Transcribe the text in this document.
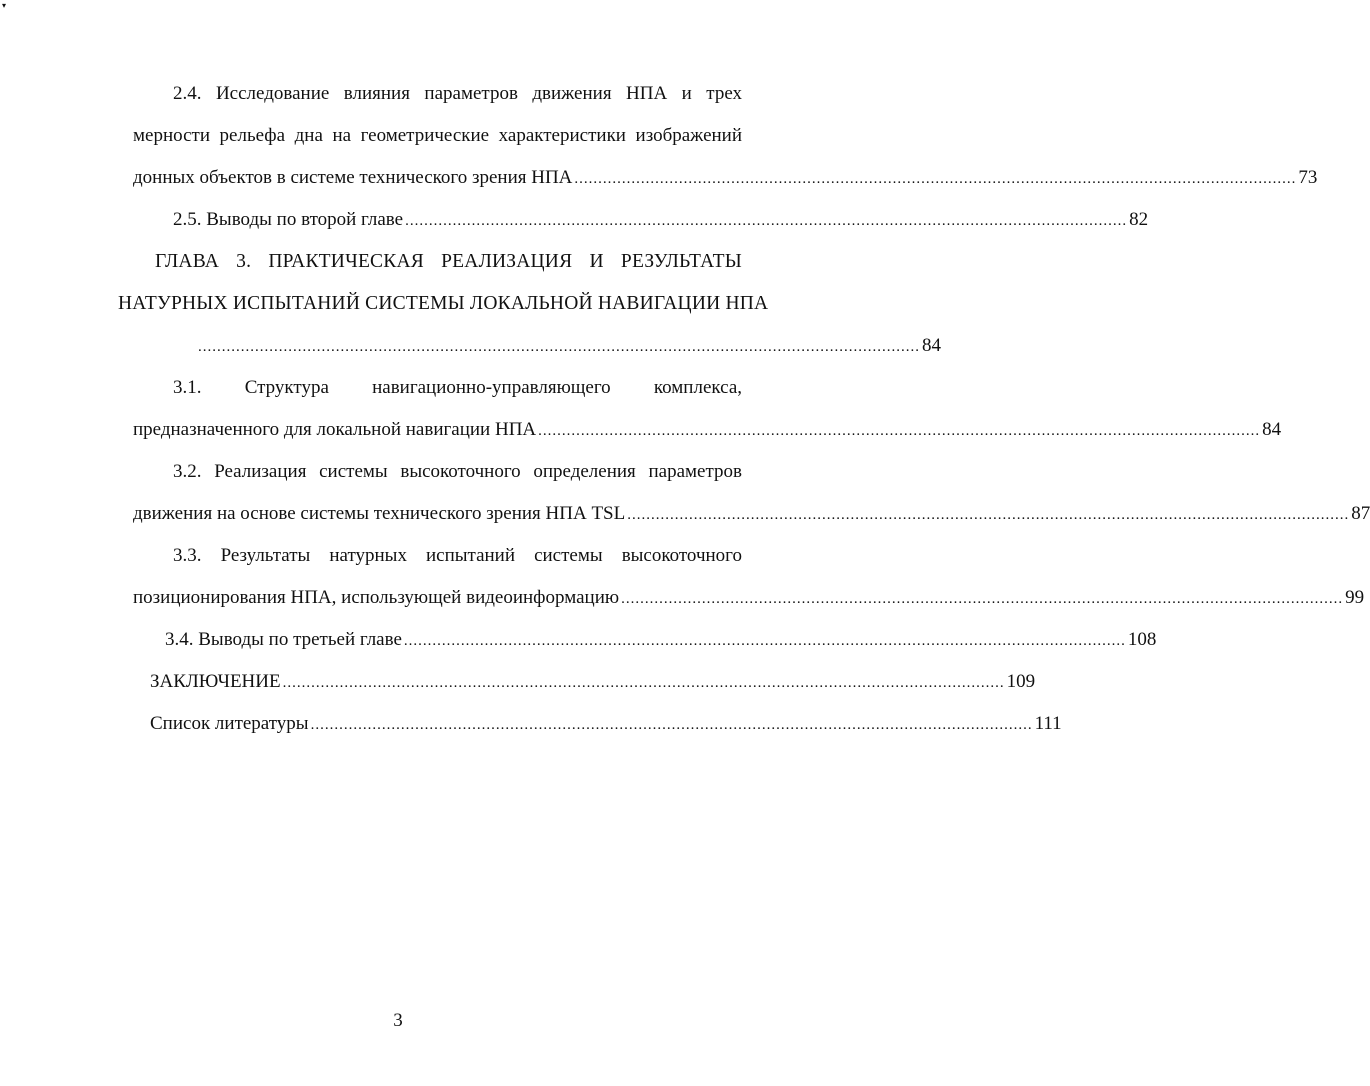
▾
2.4. Исследование влияния параметров движения НПА и трех
мерности рельефа дна на геометрические характеристики изображений
донных объектов в системе технического зрения НПА ........................................................................................................................................................ 73
2.5. Выводы по второй главе ........................................................................................................................................................ 82
ГЛАВА 3. ПРАКТИЧЕСКАЯ РЕАЛИЗАЦИЯ И РЕЗУЛЬТАТЫ
НАТУРНЫХ ИСПЫТАНИЙ СИСТЕМЫ ЛОКАЛЬНОЙ НАВИГАЦИИ НПА
........................................................................................................................................................ 84
3.1. Структура навигационно-управляющего комплекса,
предназначенного для локальной навигации НПА ........................................................................................................................................................ 84
3.2. Реализация системы высокоточного определения параметров
движения на основе системы технического зрения НПА TSL ........................................................................................................................................................ 87
3.3. Результаты натурных испытаний системы высокоточного
позиционирования НПА, использующей видеоинформацию ........................................................................................................................................................ 99
3.4. Выводы по третьей главе ........................................................................................................................................................ 108
ЗАКЛЮЧЕНИЕ ........................................................................................................................................................ 109
Список литературы ........................................................................................................................................................ 111
3
